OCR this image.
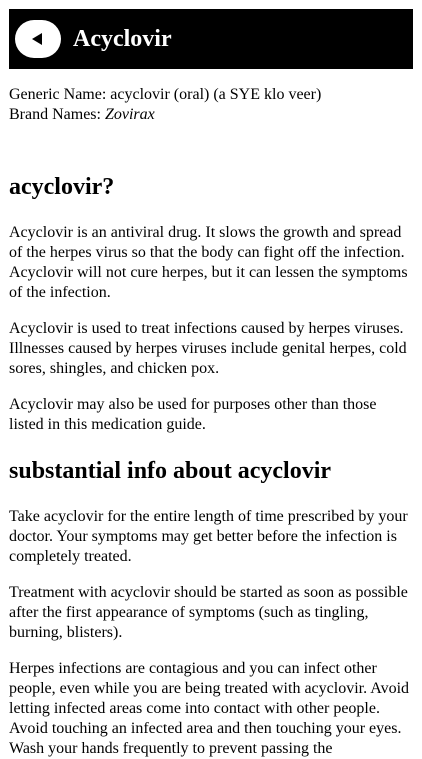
Acyclovir

Generic Name: acyclovir (oral) (a SYE klo veer)

Brand Names: Zovirax

acyclovir?

Acyclovir is an antiviral drug. It slows the growth and spread of the herpes virus so that the body can fight off the infection. Acyclovir will not cure herpes, but it can lessen the symptoms of the infection.

Acyclovir is used to treat infections caused by herpes viruses. Illnesses caused by herpes viruses include genital herpes, cold sores, shingles, and chicken pox.

Acyclovir may also be used for purposes other than those listed in this medication guide.

substantial info about acyclovir

Take acyclovir for the entire length of time prescribed by your doctor. Your symptoms may get better before the infection is completely treated.

Treatment with acyclovir should be started as soon as possible after the first appearance of symptoms (such as tingling, burning, blisters).

Herpes infections are contagious and you can infect other people, even while you are being treated with acyclovir. Avoid letting infected areas come into contact with other people. Avoid touching an infected area and then touching your eyes. Wash your hands frequently to prevent passing the
